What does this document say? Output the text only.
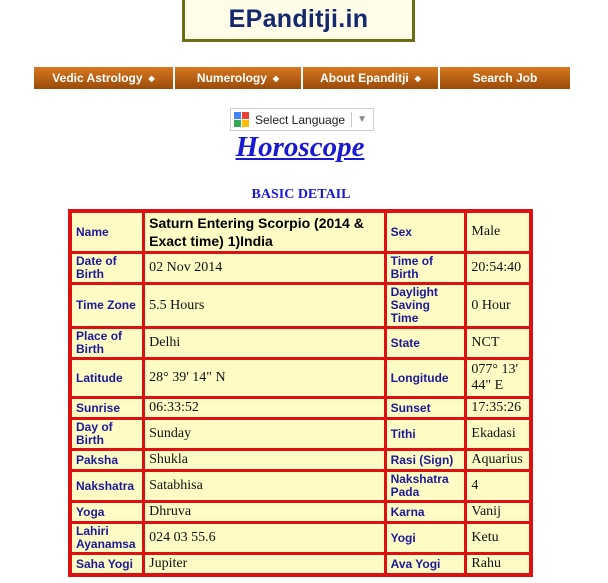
EPanditji.in
Vedic Astrology ◆	Numerology ◆	About Epanditji ◆	Search Job
Select Language ▼
Horoscope
BASIC DETAIL
Name	Saturn Entering Scorpio (2014 & Exact time) 1)India	Sex	Male
Date of Birth	02 Nov 2014	Time of Birth	20:54:40
Time Zone	5.5 Hours	Daylight Saving Time	0 Hour
Place of Birth	Delhi	State	NCT
Latitude	28° 39' 14" N	Longitude	077° 13' 44" E
Sunrise	06:33:52	Sunset	17:35:26
Day of Birth	Sunday	Tithi	Ekadasi
Paksha	Shukla	Rasi (Sign)	Aquarius
Nakshatra	Satabhisa	Nakshatra Pada	4
Yoga	Dhruva	Karna	Vanij
Lahiri Ayanamsa	024 03 55.6	Yogi	Ketu
Saha Yogi	Jupiter	Ava Yogi	Rahu
